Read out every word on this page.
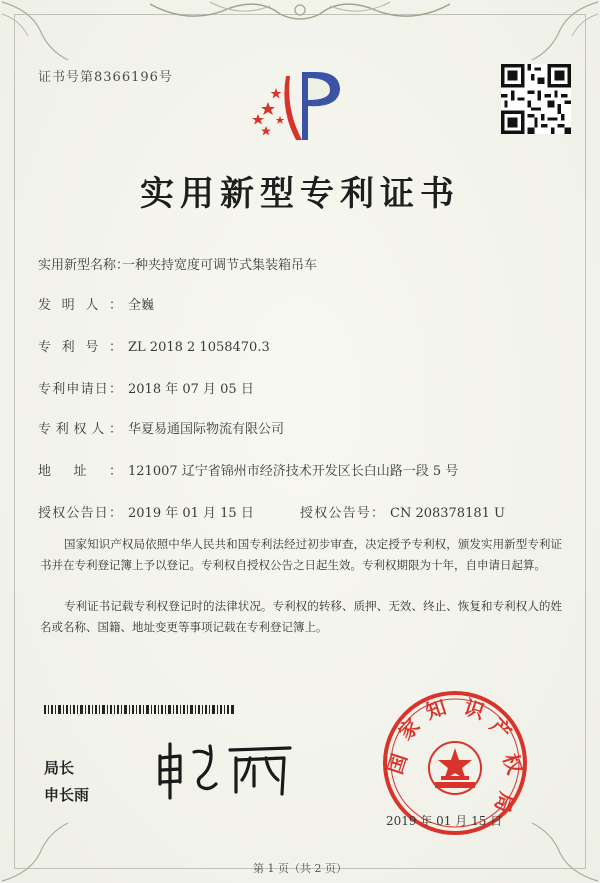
证书号第8366196号
实用新型专利证书
实用新型名称：一种夹持宽度可调节式集装箱吊车
发明人： 全巍
专利号： ZL 2018 2 1058470.3
专利申请日： 2018 年 07 月 05 日
专利权人： 华夏易通国际物流有限公司
地址： 121007 辽宁省锦州市经济技术开发区长白山路一段 5 号
授权公告日： 2019 年 01 月 15 日	授权公告号： CN 208378181 U
国家知识产权局依照中华人民共和国专利法经过初步审查，决定授予专利权，颁发实用新型专利证书并在专利登记簿上予以登记。专利权自授权公告之日起生效。专利权期限为十年，自申请日起算。
专利证书记载专利权登记时的法律状况。专利权的转移、质押、无效、终止、恢复和专利权人的姓名或名称、国籍、地址变更等事项记载在专利登记簿上。
局长
申长雨
国
家
知 识
产
权
局
2019 年 01 月 15 日
第 1 页（共 2 页）
